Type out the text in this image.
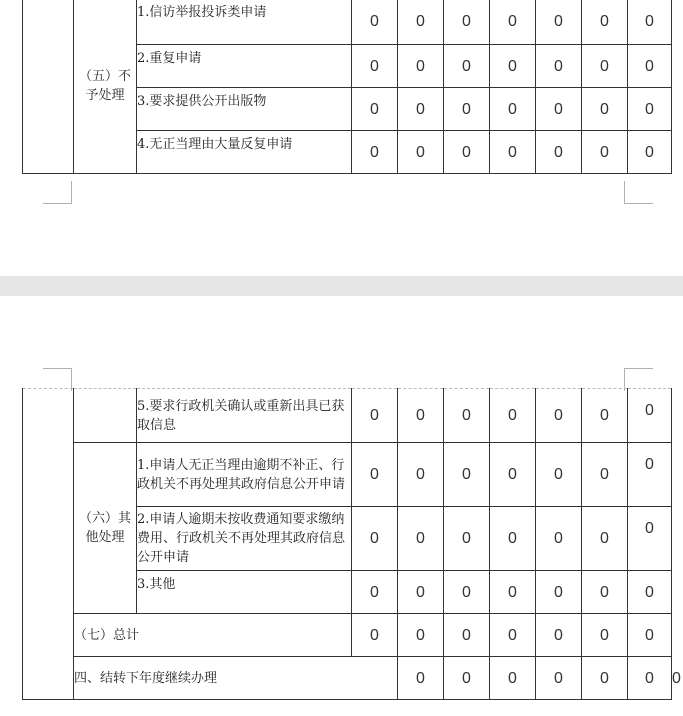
	（五）不予处理	1.信访举报投诉类申请	0	0	0	0	0	0	0
		2.重复申请	0	0	0	0	0	0	0
		3.要求提供公开出版物	0	0	0	0	0	0	0
		4.无正当理由大量反复申请	0	0	0	0	0	0	0
		5.要求行政机关确认或重新出具已获取信息	0	0	0	0	0	0	0	
	（六）其他处理	1.申请人无正当理由逾期不补正、行政机关不再处理其政府信息公开申请	0	0	0	0	0	0	0	
		2.申请人逾期未按收费通知要求缴纳费用、行政机关不再处理其政府信息公开申请	0	0	0	0	0	0	0	
		3.其他	0	0	0	0	0	0	0	
	（七）总计		0	0	0	0	0	0	0	
	四、结转下年度继续办理			0	0	0	0	0	0	0
